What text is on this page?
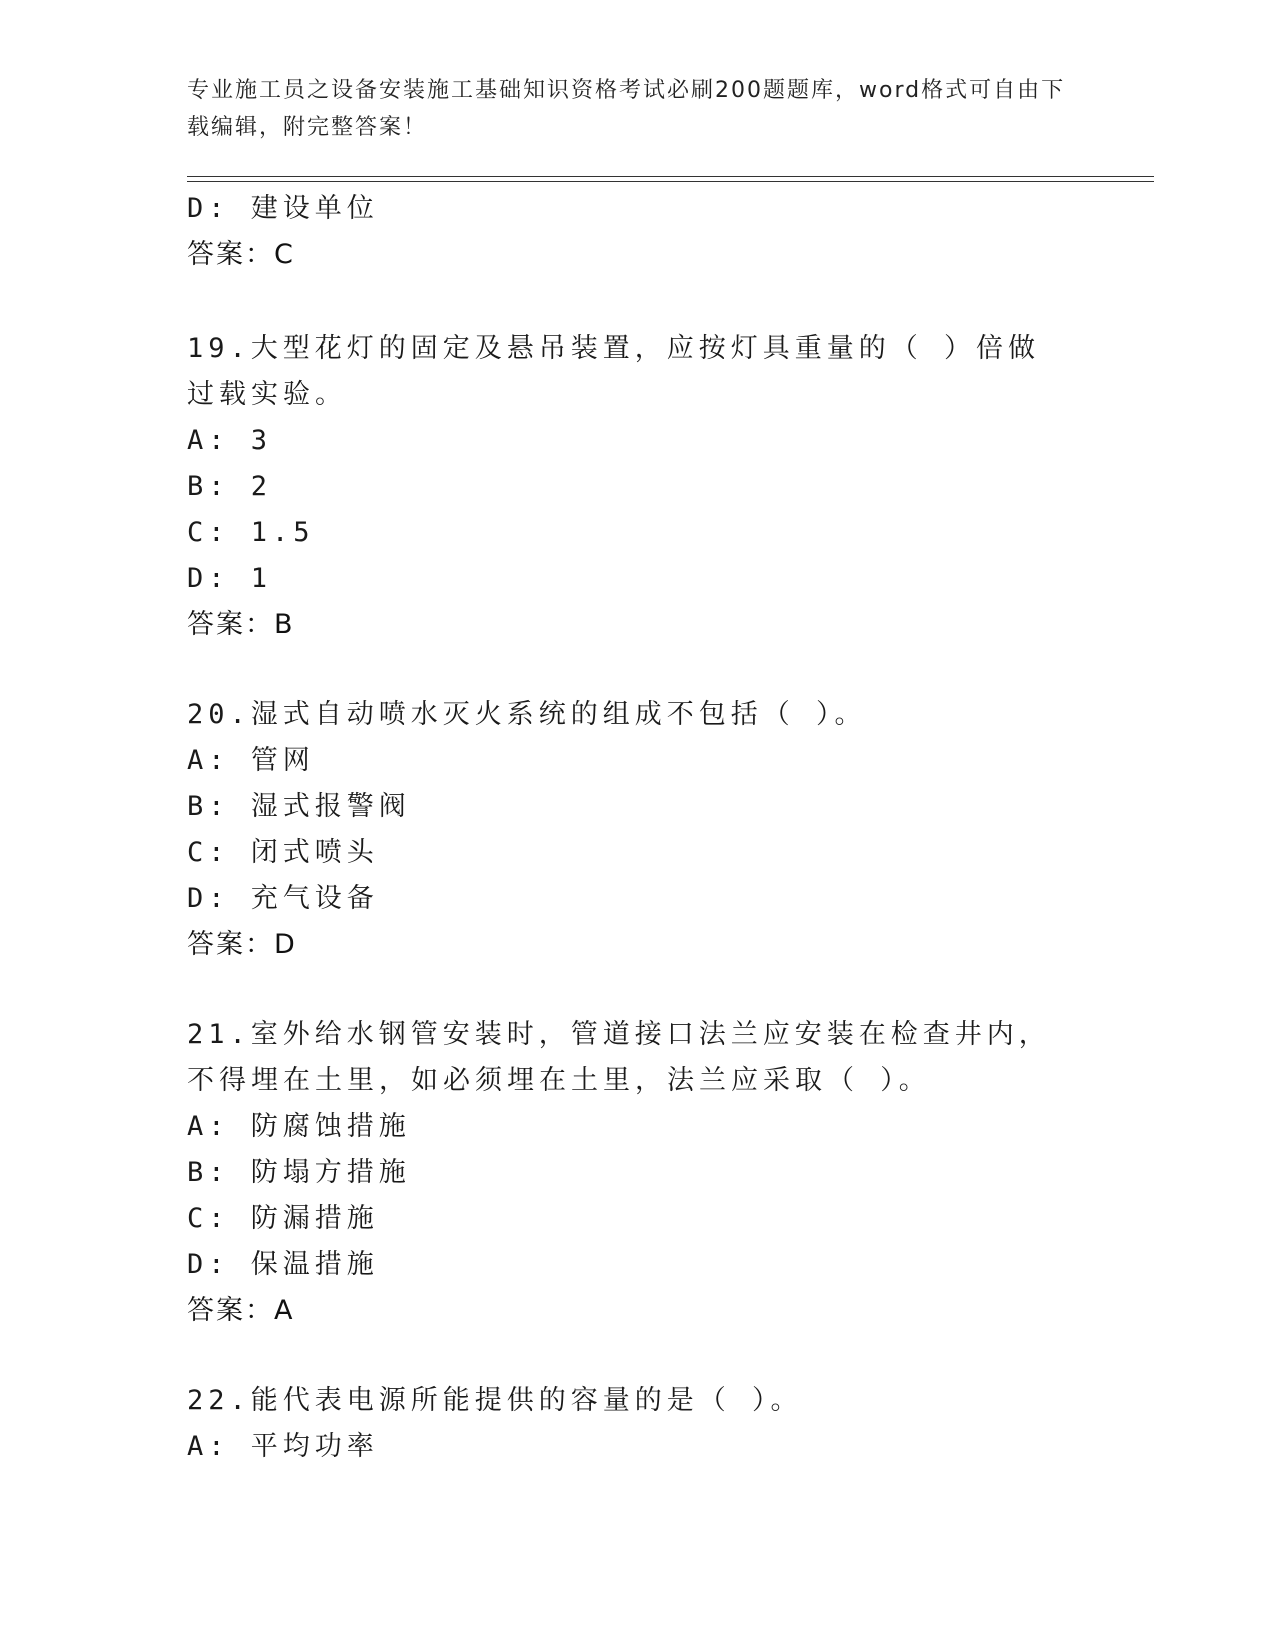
专业施工员之设备安装施工基础知识资格考试必刷200题题库，word格式可自由下载编辑，附完整答案！
D: 建设单位
答案：C
19.大型花灯的固定及悬吊装置，应按灯具重量的（ ）倍做过载实验。
A: 3
B: 2
C: 1.5
D: 1
答案：B
20.湿式自动喷水灭火系统的组成不包括（ ）。
A: 管网
B: 湿式报警阀
C: 闭式喷头
D: 充气设备
答案：D
21.室外给水钢管安装时，管道接口法兰应安装在检查井内，不得埋在土里，如必须埋在土里，法兰应采取（ ）。
A: 防腐蚀措施
B: 防塌方措施
C: 防漏措施
D: 保温措施
答案：A
22.能代表电源所能提供的容量的是（ ）。
A: 平均功率
